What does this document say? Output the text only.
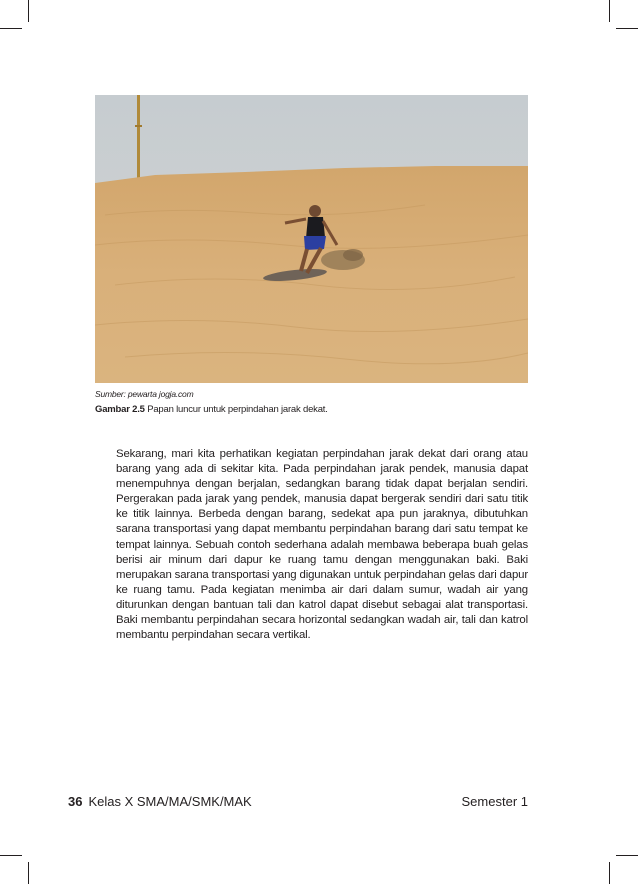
Sumber: pewarta jogja.com
Gambar 2.5 Papan luncur untuk perpindahan jarak dekat.
Sekarang, mari kita perhatikan kegiatan perpindahan jarak dekat dari orang atau barang yang ada di sekitar kita. Pada perpindahan jarak pendek, manusia dapat menempuhnya dengan berjalan, sedangkan barang tidak dapat berjalan sendiri. Pergerakan pada jarak yang pendek, manusia dapat bergerak sendiri dari satu titik ke titik lainnya. Berbeda dengan barang, sedekat apa pun jaraknya, dibutuhkan sarana transportasi yang dapat membantu perpindahan barang dari satu tempat ke tempat lainnya. Sebuah contoh sederhana adalah membawa beberapa buah gelas berisi air minum dari dapur ke ruang tamu dengan menggunakan baki. Baki merupakan sarana transportasi yang digunakan untuk perpindahan gelas dari dapur ke ruang tamu. Pada kegiatan menimba air dari dalam sumur, wadah air yang diturunkan dengan bantuan tali dan katrol dapat disebut sebagai alat transportasi. Baki membantu perpindahan secara horizontal sedangkan wadah air, tali dan katrol membantu perpindahan secara vertikal.
36 Kelas X SMA/MA/SMK/MAK	Semester 1
